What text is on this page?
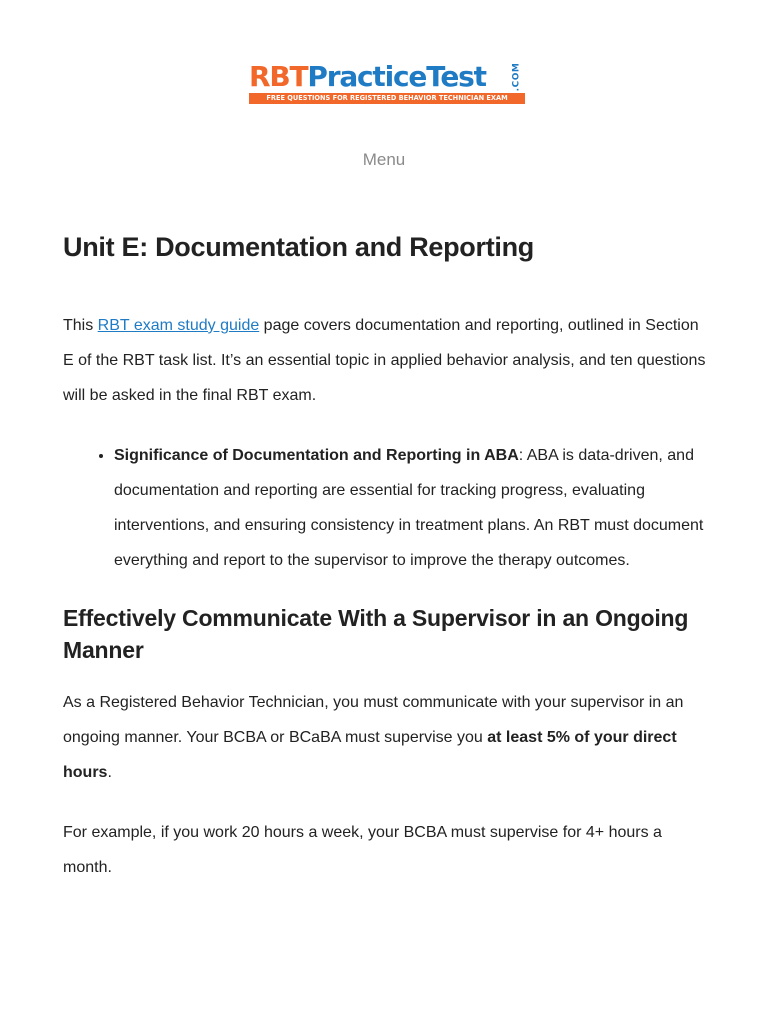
RBTPracticeTest	.COM
FREE QUESTIONS FOR REGISTERED BEHAVIOR TECHNICIAN EXAM
Menu
Unit E: Documentation and Reporting

This RBT exam study guide page covers documentation and reporting, outlined in Section E of the RBT task list. It’s an essential topic in applied behavior analysis, and ten questions will be asked in the final RBT exam.

• Significance of Documentation and Reporting in ABA: ABA is data-driven, and documentation and reporting are essential for tracking progress, evaluating interventions, and ensuring consistency in treatment plans. An RBT must document everything and report to the supervisor to improve the therapy outcomes.
Effectively Communicate With a Supervisor in an Ongoing Manner

As a Registered Behavior Technician, you must communicate with your supervisor in an ongoing manner. Your BCBA or BCaBA must supervise you at least 5% of your direct hours.

For example, if you work 20 hours a week, your BCBA must supervise for 4+ hours a month.
